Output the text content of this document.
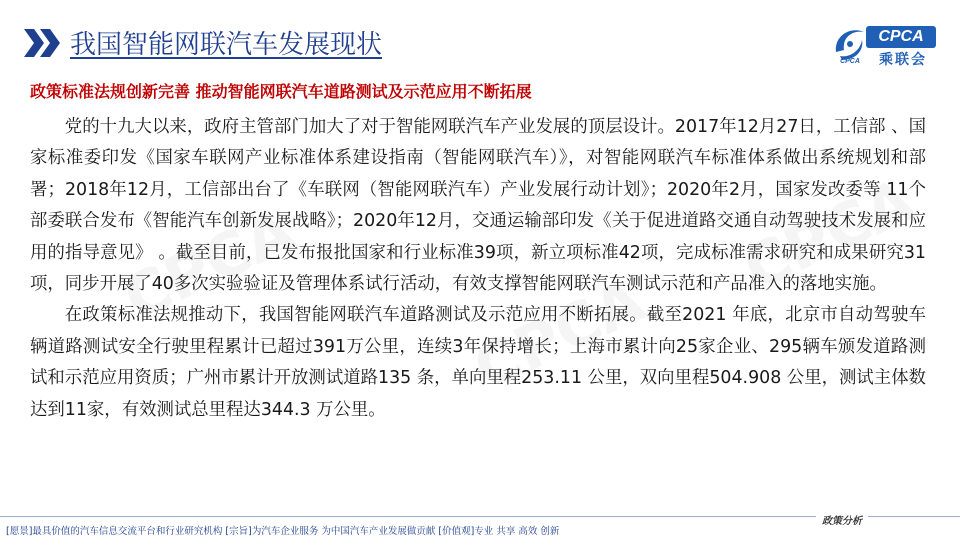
CPCA
CPCA
CPCA
我国智能网联汽车发展现状
CPCA
CPCA
乘联会
政策标准法规创新完善 推动智能网联汽车道路测试及示范应用不断拓展

党的十九大以来，政府主管部门加大了对于智能网联汽车产业发展的顶层设计。2017年12月27日，工信部 、国家标准委印发《国家车联网产业标准体系建设指南（智能网联汽车）》，对智能网联汽车标准体系做出系统规划和部署；2018年12月，工信部出台了《车联网（智能网联汽车）产业发展行动计划》；2020年2月，国家发改委等 11个部委联合发布《智能汽车创新发展战略》；2020年12月，交通运输部印发《关于促进道路交通自动驾驶技术发展和应用的指导意见》 。截至目前，已发布报批国家和行业标准39项，新立项标准42项，完成标准需求研究和成果研究31项，同步开展了40多次实验验证及管理体系试行活动，有效支撑智能网联汽车测试示范和产品准入的落地实施。

在政策标准法规推动下，我国智能网联汽车道路测试及示范应用不断拓展。截至2021 年底，北京市自动驾驶车辆道路测试安全行驶里程累计已超过391万公里，连续3年保持增长；上海市累计向25家企业、295辆车颁发道路测试和示范应用资质；广州市累计开放测试道路135 条，单向里程253.11 公里，双向里程504.908 公里，测试主体数达到11家，有效测试总里程达344.3 万公里。

[愿景]最具价值的汽车信息交流平台和行业研究机构 [宗旨]为汽车企业服务 为中国汽车产业发展做贡献 [价值观]专业 共享 高效 创新
政策分析
